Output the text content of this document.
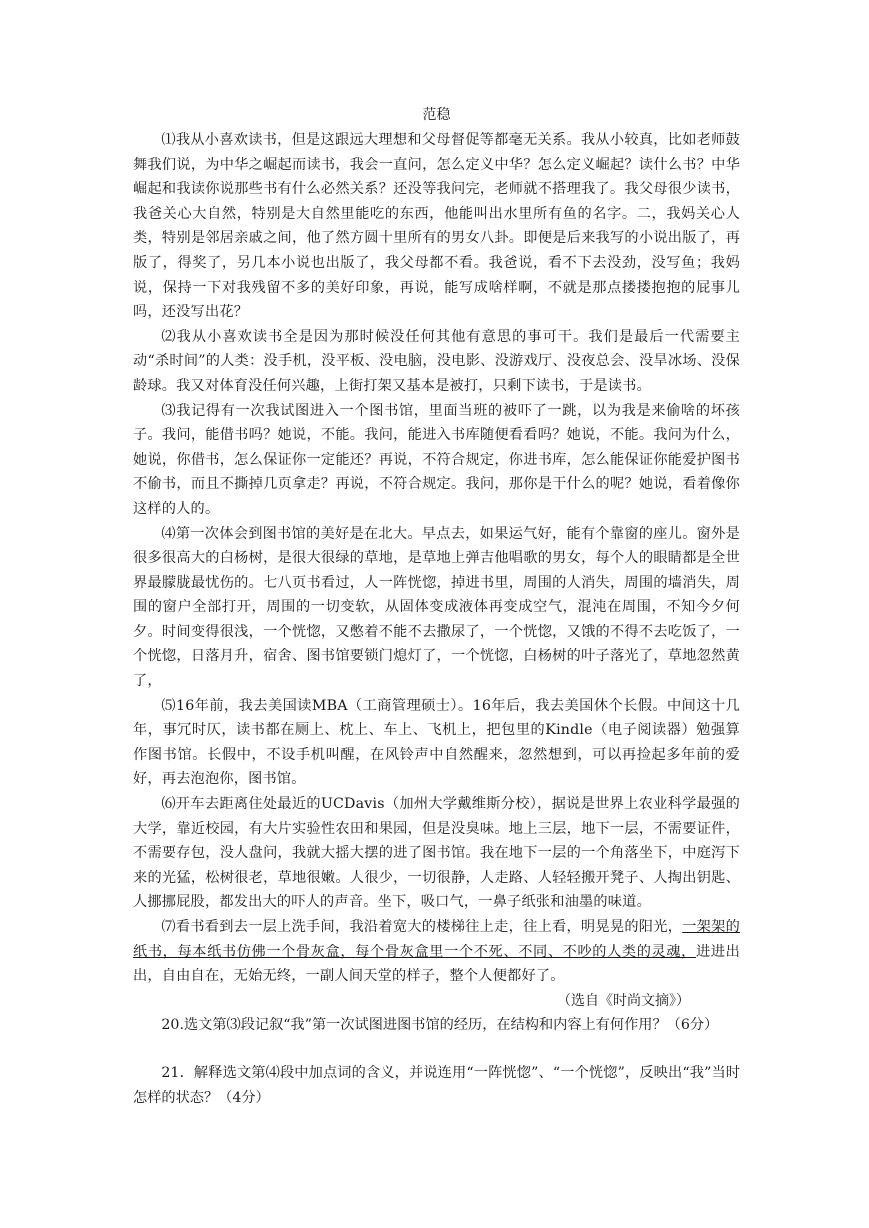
范稳

⑴我从小喜欢读书，但是这跟远大理想和父母督促等都毫无关系。我从小较真，比如老师鼓舞我们说，为中华之崛起而读书，我会一直问，怎么定义中华？怎么定义崛起？读什么书？中华崛起和我读你说那些书有什么必然关系？还没等我问完，老师就不搭理我了。我父母很少读书，我爸关心大自然，特别是大自然里能吃的东西，他能叫出水里所有鱼的名字。二，我妈关心人类，特别是邻居亲戚之间，他了然方圆十里所有的男女八卦。即便是后来我写的小说出版了，再版了，得奖了，另几本小说也出版了，我父母都不看。我爸说，看不下去没劲，没写鱼；我妈说，保持一下对我残留不多的美好印象，再说，能写成啥样啊，不就是那点搂搂抱抱的屁事儿吗，还没写出花？

⑵我从小喜欢读书全是因为那时候没任何其他有意思的事可干。我们是最后一代需要主动“杀时间”的人类：没手机，没平板、没电脑，没电影、没游戏厅、没夜总会、没旱冰场、没保龄球。我又对体育没任何兴趣，上街打架又基本是被打，只剩下读书，于是读书。

⑶我记得有一次我试图进入一个图书馆，里面当班的被吓了一跳，以为我是来偷啥的坏孩子。我问，能借书吗？她说，不能。我问，能进入书库随便看看吗？她说，不能。我问为什么，她说，你借书，怎么保证你一定能还？再说，不符合规定，你进书库，怎么能保证你能爱护图书不偷书，而且不撕掉几页拿走？再说，不符合规定。我问，那你是干什么的呢？她说，看着像你这样的人的。

⑷第一次体会到图书馆的美好是在北大。早点去，如果运气好，能有个靠窗的座儿。窗外是很多很高大的白杨树，是很大很绿的草地，是草地上弹吉他唱歌的男女，每个人的眼睛都是全世界最朦胧最忧伤的。七八页书看过，人一阵恍惚，掉进书里，周围的人消失，周围的墙消失，周围的窗户全部打开，周围的一切变软，从固体变成液体再变成空气，混沌在周围，不知今夕何夕。时间变得很浅，一个恍惚，又憋着不能不去撒尿了，一个恍惚，又饿的不得不去吃饭了，一个恍惚，日落月升，宿舍、图书馆要锁门熄灯了，一个恍惚，白杨树的叶子落光了，草地忽然黄了，

⑸16年前，我去美国读MBA（工商管理硕士）。16年后，我去美国休个长假。中间这十几年，事冗时仄，读书都在厕上、枕上、车上、飞机上，把包里的Kindle（电子阅读器）勉强算作图书馆。长假中，不设手机叫醒，在风铃声中自然醒来，忽然想到，可以再捡起多年前的爱好，再去泡泡你，图书馆。

⑹开车去距离住处最近的UCDavis（加州大学戴维斯分校），据说是世界上农业科学最强的大学，靠近校园，有大片实验性农田和果园，但是没臭味。地上三层，地下一层，不需要证件，不需要存包，没人盘问，我就大摇大摆的进了图书馆。我在地下一层的一个角落坐下，中庭泻下来的光猛，松树很老，草地很嫩。人很少，一切很静，人走路、人轻轻搬开凳子、人掏出钥匙、人挪挪屁股，都发出大的吓人的声音。坐下，吸口气，一鼻子纸张和油墨的味道。

⑺看书看到去一层上洗手间，我沿着宽大的楼梯往上走，往上看，明晃晃的阳光，一架架的纸书，每本纸书仿佛一个骨灰盒，每个骨灰盒里一个不死、不同、不吵的人类的灵魂，进进出出，自由自在，无始无终，一副人间天堂的样子，整个人便都好了。

（选自《时尚文摘》）

20.选文第⑶段记叙“我”第一次试图进图书馆的经历，在结构和内容上有何作用？（6分）

21．解释选文第⑷段中加点词的含义，并说连用“一阵恍惚”、“一个恍惚”，反映出“我”当时怎样的状态？（4分）
